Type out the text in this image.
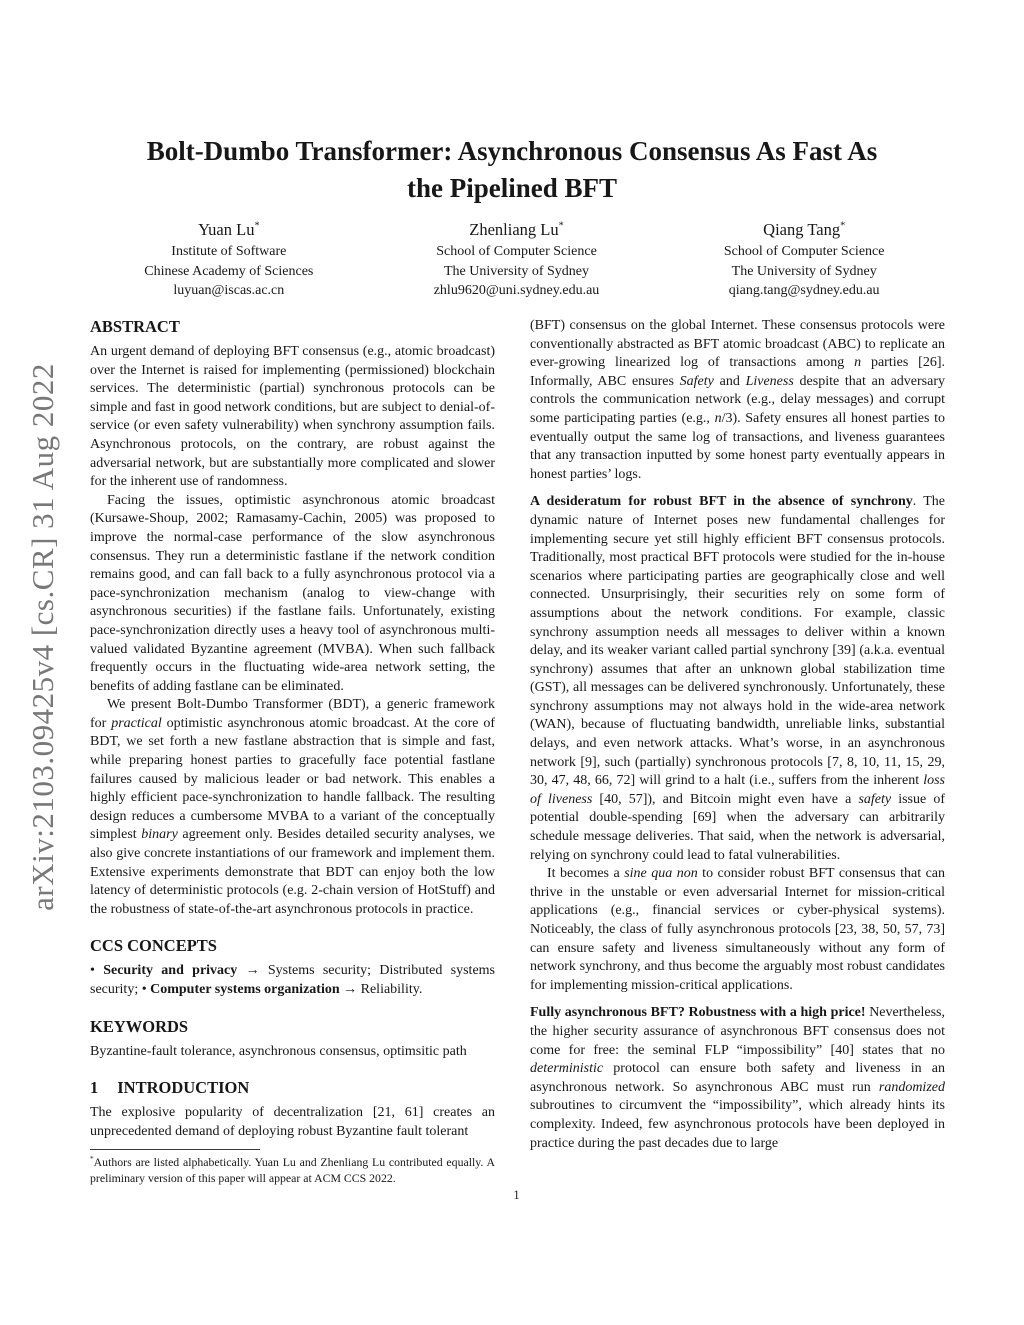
arXiv:2103.09425v4 [cs.CR] 31 Aug 2022
Bolt-Dumbo Transformer: Asynchronous Consensus As Fast As
the Pipelined BFT
Yuan Lu*
Institute of Software
Chinese Academy of Sciences
luyuan@iscas.ac.cn
Zhenliang Lu*
School of Computer Science
The University of Sydney
zhlu9620@uni.sydney.edu.au
Qiang Tang*
School of Computer Science
The University of Sydney
qiang.tang@sydney.edu.au
ABSTRACT

An urgent demand of deploying BFT consensus (e.g., atomic broadcast) over the Internet is raised for implementing (permissioned) blockchain services. The deterministic (partial) synchronous protocols can be simple and fast in good network conditions, but are subject to denial-of-service (or even safety vulnerability) when synchrony assumption fails. Asynchronous protocols, on the contrary, are robust against the adversarial network, but are substantially more complicated and slower for the inherent use of randomness.

Facing the issues, optimistic asynchronous atomic broadcast (Kursawe-Shoup, 2002; Ramasamy-Cachin, 2005) was proposed to improve the normal-case performance of the slow asynchronous consensus. They run a deterministic fastlane if the network condition remains good, and can fall back to a fully asynchronous protocol via a pace-synchronization mechanism (analog to view-change with asynchronous securities) if the fastlane fails. Unfortunately, existing pace-synchronization directly uses a heavy tool of asynchronous multi-valued validated Byzantine agreement (MVBA). When such fallback frequently occurs in the fluctuating wide-area network setting, the benefits of adding fastlane can be eliminated.

We present Bolt-Dumbo Transformer (BDT), a generic framework for practical optimistic asynchronous atomic broadcast. At the core of BDT, we set forth a new fastlane abstraction that is simple and fast, while preparing honest parties to gracefully face potential fastlane failures caused by malicious leader or bad network. This enables a highly efficient pace-synchronization to handle fallback. The resulting design reduces a cumbersome MVBA to a variant of the conceptually simplest binary agreement only. Besides detailed security analyses, we also give concrete instantiations of our framework and implement them. Extensive experiments demonstrate that BDT can enjoy both the low latency of deterministic protocols (e.g. 2-chain version of HotStuff) and the robustness of state-of-the-art asynchronous protocols in practice.

CCS CONCEPTS

• Security and privacy → Systems security; Distributed systems security; • Computer systems organization → Reliability.

KEYWORDS

Byzantine-fault tolerance, asynchronous consensus, optimsitic path

1 INTRODUCTION

The explosive popularity of decentralization [21, 61] creates an unprecedented demand of deploying robust Byzantine fault tolerant

(BFT) consensus on the global Internet. These consensus protocols were conventionally abstracted as BFT atomic broadcast (ABC) to replicate an ever-growing linearized log of transactions among n parties [26]. Informally, ABC ensures Safety and Liveness despite that an adversary controls the communication network (e.g., delay messages) and corrupt some participating parties (e.g., n/3). Safety ensures all honest parties to eventually output the same log of transactions, and liveness guarantees that any transaction inputted by some honest party eventually appears in honest parties’ logs.

A desideratum for robust BFT in the absence of synchrony. The dynamic nature of Internet poses new fundamental challenges for implementing secure yet still highly efficient BFT consensus protocols. Traditionally, most practical BFT protocols were studied for the in-house scenarios where participating parties are geographically close and well connected. Unsurprisingly, their securities rely on some form of assumptions about the network conditions. For example, classic synchrony assumption needs all messages to deliver within a known delay, and its weaker variant called partial synchrony [39] (a.k.a. eventual synchrony) assumes that after an unknown global stabilization time (GST), all messages can be delivered synchronously. Unfortunately, these synchrony assumptions may not always hold in the wide-area network (WAN), because of fluctuating bandwidth, unreliable links, substantial delays, and even network attacks. What’s worse, in an asynchronous network [9], such (partially) synchronous protocols [7, 8, 10, 11, 15, 29, 30, 47, 48, 66, 72] will grind to a halt (i.e., suffers from the inherent loss of liveness [40, 57]), and Bitcoin might even have a safety issue of potential double-spending [69] when the adversary can arbitrarily schedule message deliveries. That said, when the network is adversarial, relying on synchrony could lead to fatal vulnerabilities.

It becomes a sine qua non to consider robust BFT consensus that can thrive in the unstable or even adversarial Internet for mission-critical applications (e.g., financial services or cyber-physical systems). Noticeably, the class of fully asynchronous protocols [23, 38, 50, 57, 73] can ensure safety and liveness simultaneously without any form of network synchrony, and thus become the arguably most robust candidates for implementing mission-critical applications.

Fully asynchronous BFT? Robustness with a high price! Nevertheless, the higher security assurance of asynchronous BFT consensus does not come for free: the seminal FLP “impossibility” [40] states that no deterministic protocol can ensure both safety and liveness in an asynchronous network. So asynchronous ABC must run randomized subroutines to circumvent the “impossibility”, which already hints its complexity. Indeed, few asynchronous protocols have been deployed in practice during the past decades due to large

*Authors are listed alphabetically. Yuan Lu and Zhenliang Lu contributed equally. A preliminary version of this paper will appear at ACM CCS 2022.

1
